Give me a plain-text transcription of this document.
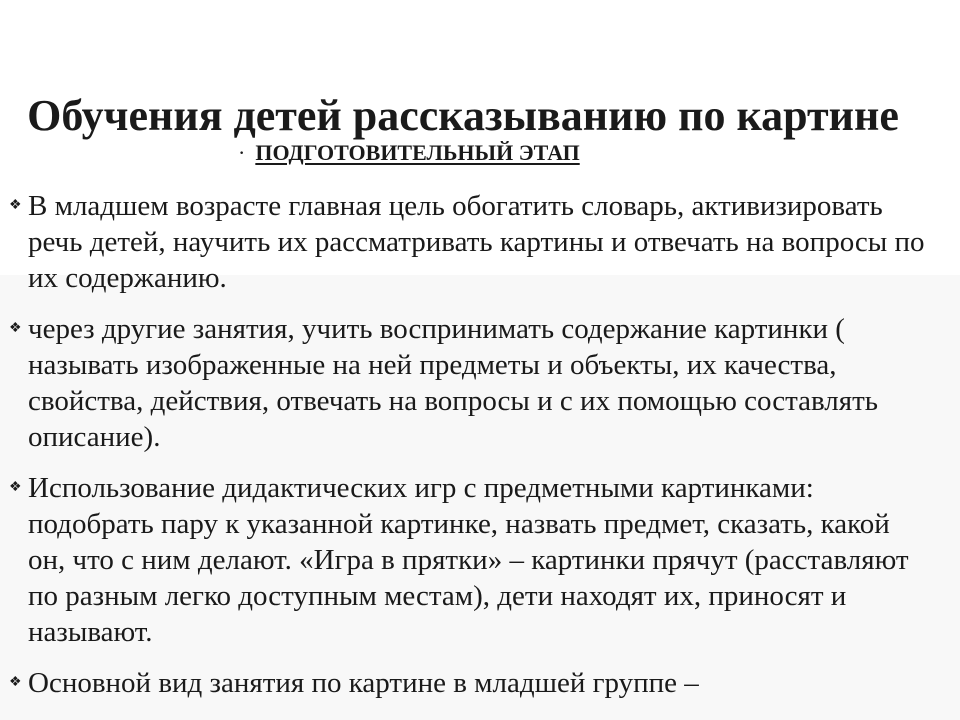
Обучения детей рассказыванию по картине
· ПОДГОТОВИТЕЛЬНЫЙ ЭТАП
❖ В младшем возрасте главная цель обогатить словарь, активизировать речь детей, научить их рассматривать картины и отвечать на вопросы по их содержанию.
❖ через другие занятия, учить воспринимать содержание картинки ( называть изображенные на ней предметы и объекты, их качества, свойства, действия, отвечать на вопросы и с их помощью составлять описание).
❖ Использование дидактических игр с предметными картинками: подобрать пару к указанной картинке, назвать предмет, сказать, какой он, что с ним делают. «Игра в прятки» – картинки прячут (расставляют по разным легко доступным местам), дети находят их, приносят и называют.
❖ Основной вид занятия по картине в младшей группе –
